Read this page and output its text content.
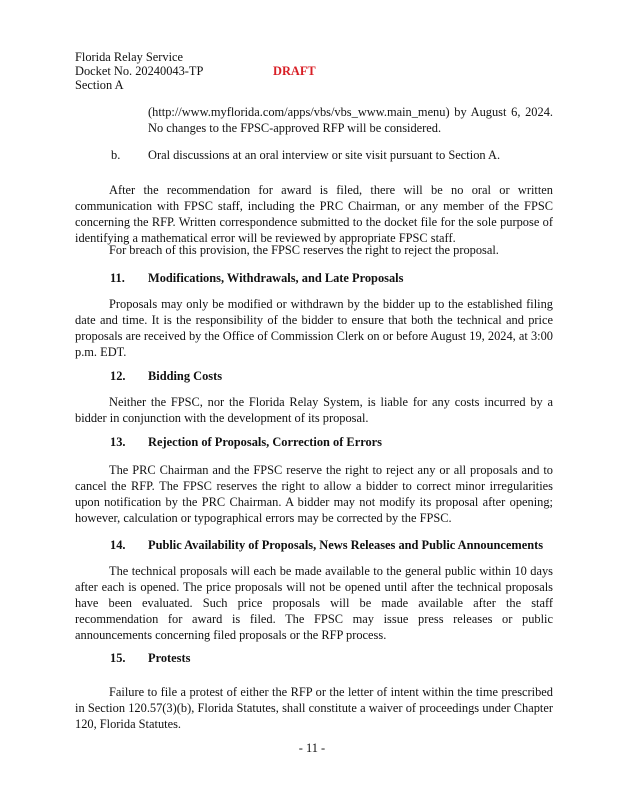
Florida Relay Service
Docket No. 20240043-TP	DRAFT
Section A
(http://www.myflorida.com/apps/vbs/vbs_www.main_menu) by August 6, 2024. No changes to the FPSC-approved RFP will be considered.
b. Oral discussions at an oral interview or site visit pursuant to Section A.
After the recommendation for award is filed, there will be no oral or written communication with FPSC staff, including the PRC Chairman, or any member of the FPSC concerning the RFP. Written correspondence submitted to the docket file for the sole purpose of identifying a mathematical error will be reviewed by appropriate FPSC staff.
For breach of this provision, the FPSC reserves the right to reject the proposal.
11. Modifications, Withdrawals, and Late Proposals
Proposals may only be modified or withdrawn by the bidder up to the established filing date and time. It is the responsibility of the bidder to ensure that both the technical and price proposals are received by the Office of Commission Clerk on or before August 19, 2024, at 3:00 p.m. EDT.
12. Bidding Costs
Neither the FPSC, nor the Florida Relay System, is liable for any costs incurred by a bidder in conjunction with the development of its proposal.
13. Rejection of Proposals, Correction of Errors
The PRC Chairman and the FPSC reserve the right to reject any or all proposals and to cancel the RFP. The FPSC reserves the right to allow a bidder to correct minor irregularities upon notification by the PRC Chairman. A bidder may not modify its proposal after opening; however, calculation or typographical errors may be corrected by the FPSC.
14. Public Availability of Proposals, News Releases and Public Announcements
The technical proposals will each be made available to the general public within 10 days after each is opened. The price proposals will not be opened until after the technical proposals have been evaluated. Such price proposals will be made available after the staff recommendation for award is filed. The FPSC may issue press releases or public announcements concerning filed proposals or the RFP process.
15. Protests
Failure to file a protest of either the RFP or the letter of intent within the time prescribed in Section 120.57(3)(b), Florida Statutes, shall constitute a waiver of proceedings under Chapter 120, Florida Statutes.
- 11 -
